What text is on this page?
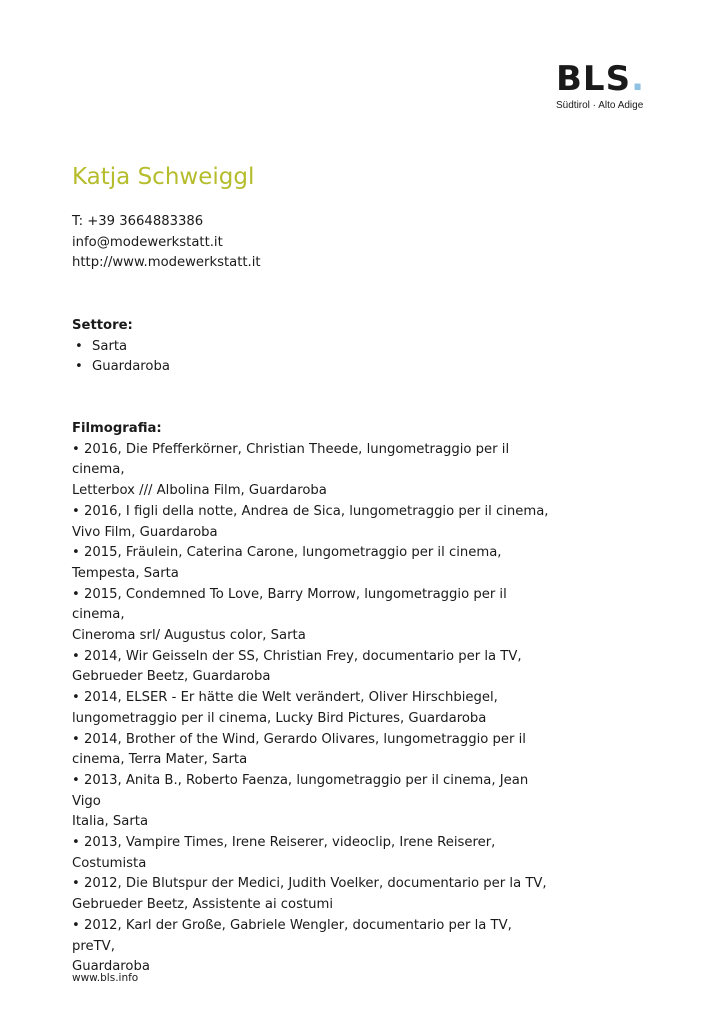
BLS.
Südtirol · Alto Adige
Katja Schweiggl
T: +39 3664883386
info@modewerkstatt.it
http://www.modewerkstatt.it
Settore:
• Sarta
• Guardaroba
Filmografia:
• 2016, Die Pfefferkörner, Christian Theede, lungometraggio per il cinema,
Letterbox /// Albolina Film, Guardaroba
• 2016, I figli della notte, Andrea de Sica, lungometraggio per il cinema,
Vivo Film, Guardaroba
• 2015, Fräulein, Caterina Carone, lungometraggio per il cinema,
Tempesta, Sarta
• 2015, Condemned To Love, Barry Morrow, lungometraggio per il cinema,
Cineroma srl/ Augustus color, Sarta
• 2014, Wir Geisseln der SS, Christian Frey, documentario per la TV,
Gebrueder Beetz, Guardaroba
• 2014, ELSER - Er hätte die Welt verändert, Oliver Hirschbiegel,
lungometraggio per il cinema, Lucky Bird Pictures, Guardaroba
• 2014, Brother of the Wind, Gerardo Olivares, lungometraggio per il
cinema, Terra Mater, Sarta
• 2013, Anita B., Roberto Faenza, lungometraggio per il cinema, Jean Vigo
Italia, Sarta
• 2013, Vampire Times, Irene Reiserer, videoclip, Irene Reiserer,
Costumista
• 2012, Die Blutspur der Medici, Judith Voelker, documentario per la TV,
Gebrueder Beetz, Assistente ai costumi
• 2012, Karl der Große, Gabriele Wengler, documentario per la TV, preTV,
Guardaroba
www.bls.info
